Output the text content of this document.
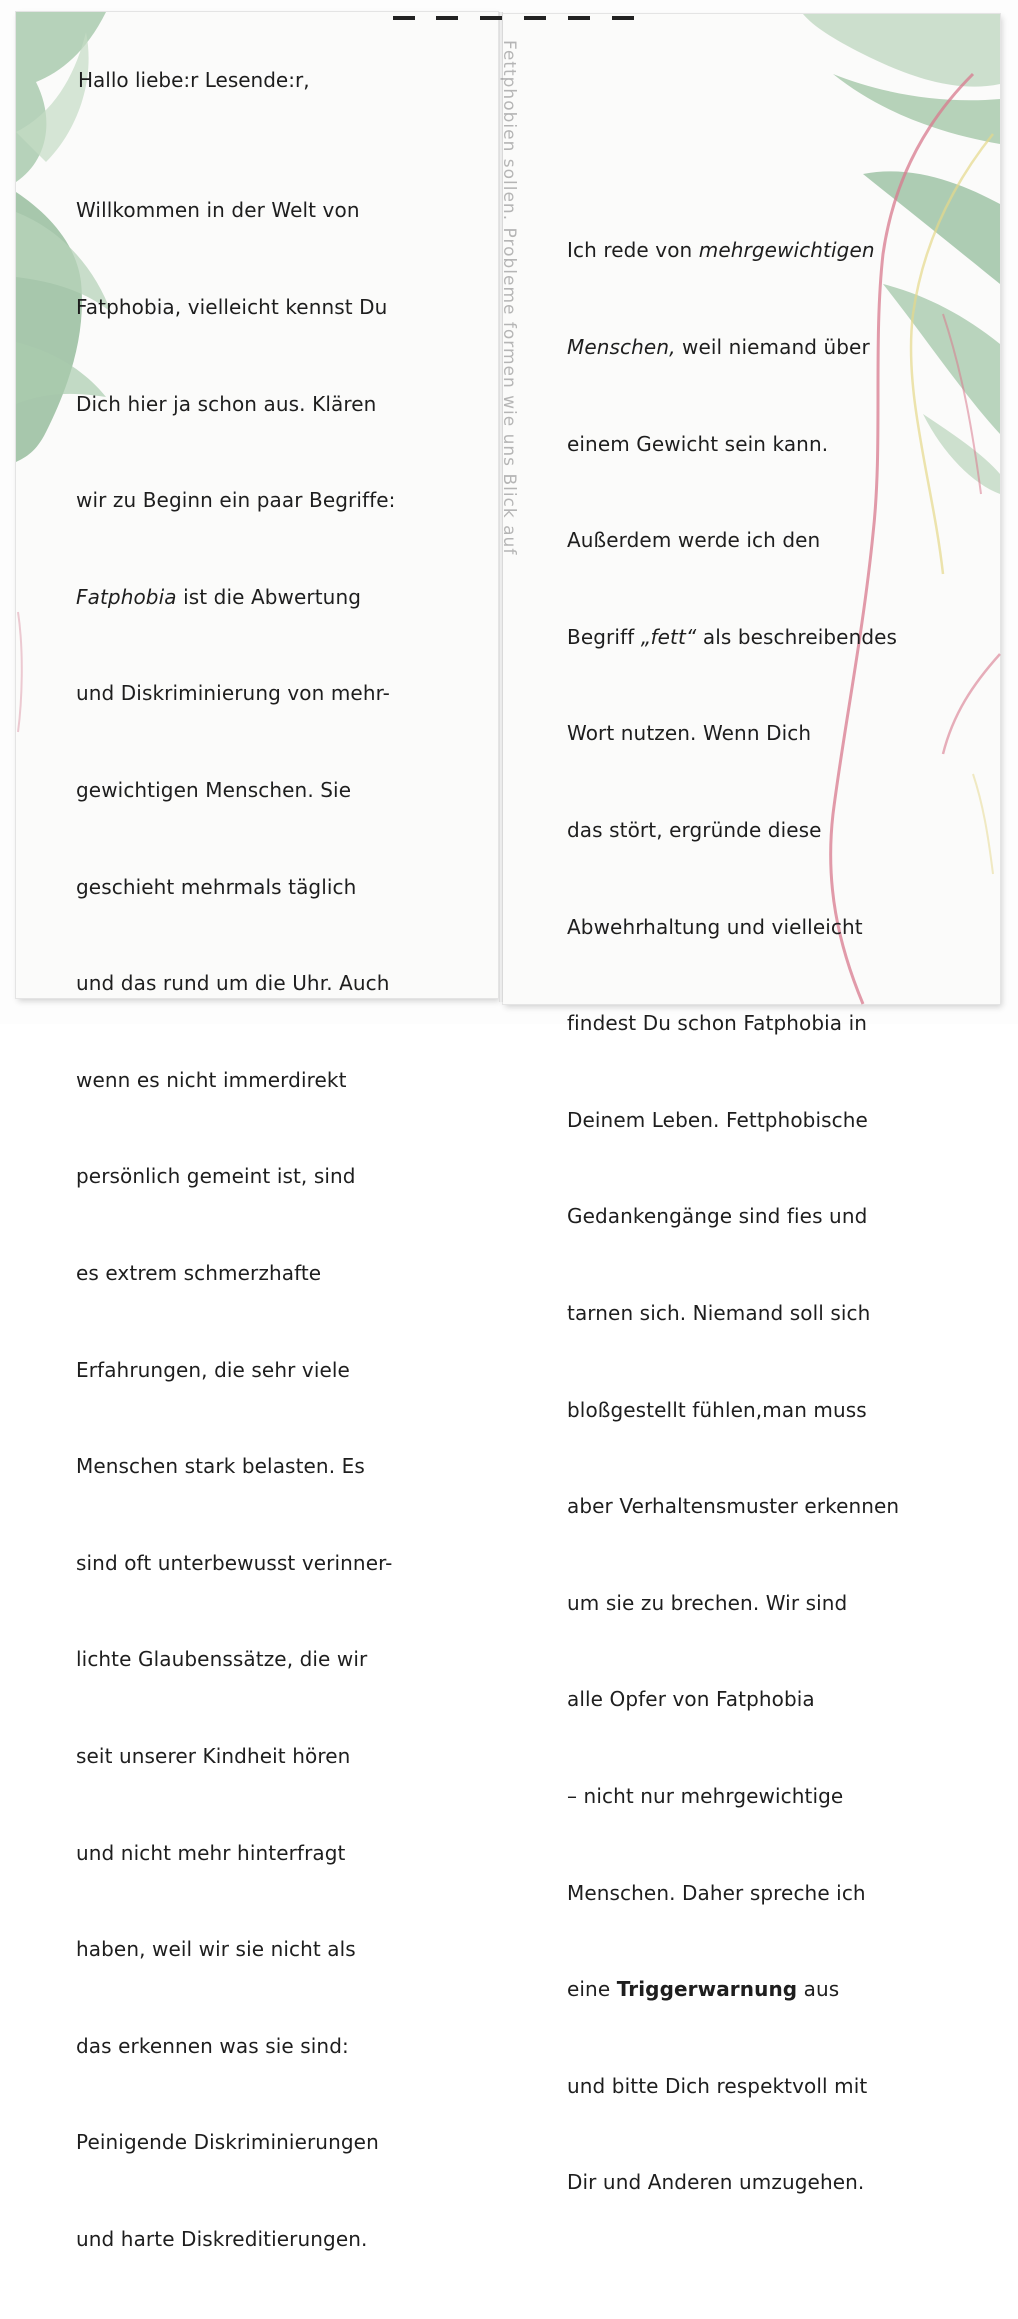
Hallo liebe:r Lesende:r,

Willkommen in der Welt von

Fatphobia, vielleicht kennst Du

Dich hier ja schon aus. Klären

wir zu Beginn ein paar Begriffe:

Fatphobia ist die Abwertung

und Diskriminierung von mehr-

gewichtigen Menschen. Sie

geschieht mehrmals täglich

und das rund um die Uhr. Auch

wenn es nicht immerdirekt

persönlich gemeint ist, sind

es extrem schmerzhafte

Erfahrungen, die sehr viele

Menschen stark belasten. Es

sind oft unterbewusst verinner-

lichte Glaubenssätze, die wir

seit unserer Kindheit hören

und nicht mehr hinterfragt

haben, weil wir sie nicht als

das erkennen was sie sind:

Peinigende Diskriminierungen

und harte Diskreditierungen.

Ich rede von mehrgewichtigen

Menschen, weil niemand über

einem Gewicht sein kann.

Außerdem werde ich den

Begriff „fett“ als beschreibendes

Wort nutzen. Wenn Dich

das stört, ergründe diese

Abwehrhaltung und vielleicht

findest Du schon Fatphobia in

Deinem Leben. Fettphobische

Gedankengänge sind fies und

tarnen sich. Niemand soll sich

bloßgestellt fühlen,man muss

aber Verhaltensmuster erkennen

um sie zu brechen. Wir sind

alle Opfer von Fatphobia

– nicht nur mehrgewichtige

Menschen. Daher spreche ich

eine Triggerwarnung aus

und bitte Dich respektvoll mit

Dir und Anderen umzugehen.

Fettphobien sollen. Probleme formen wie uns Blick auf
